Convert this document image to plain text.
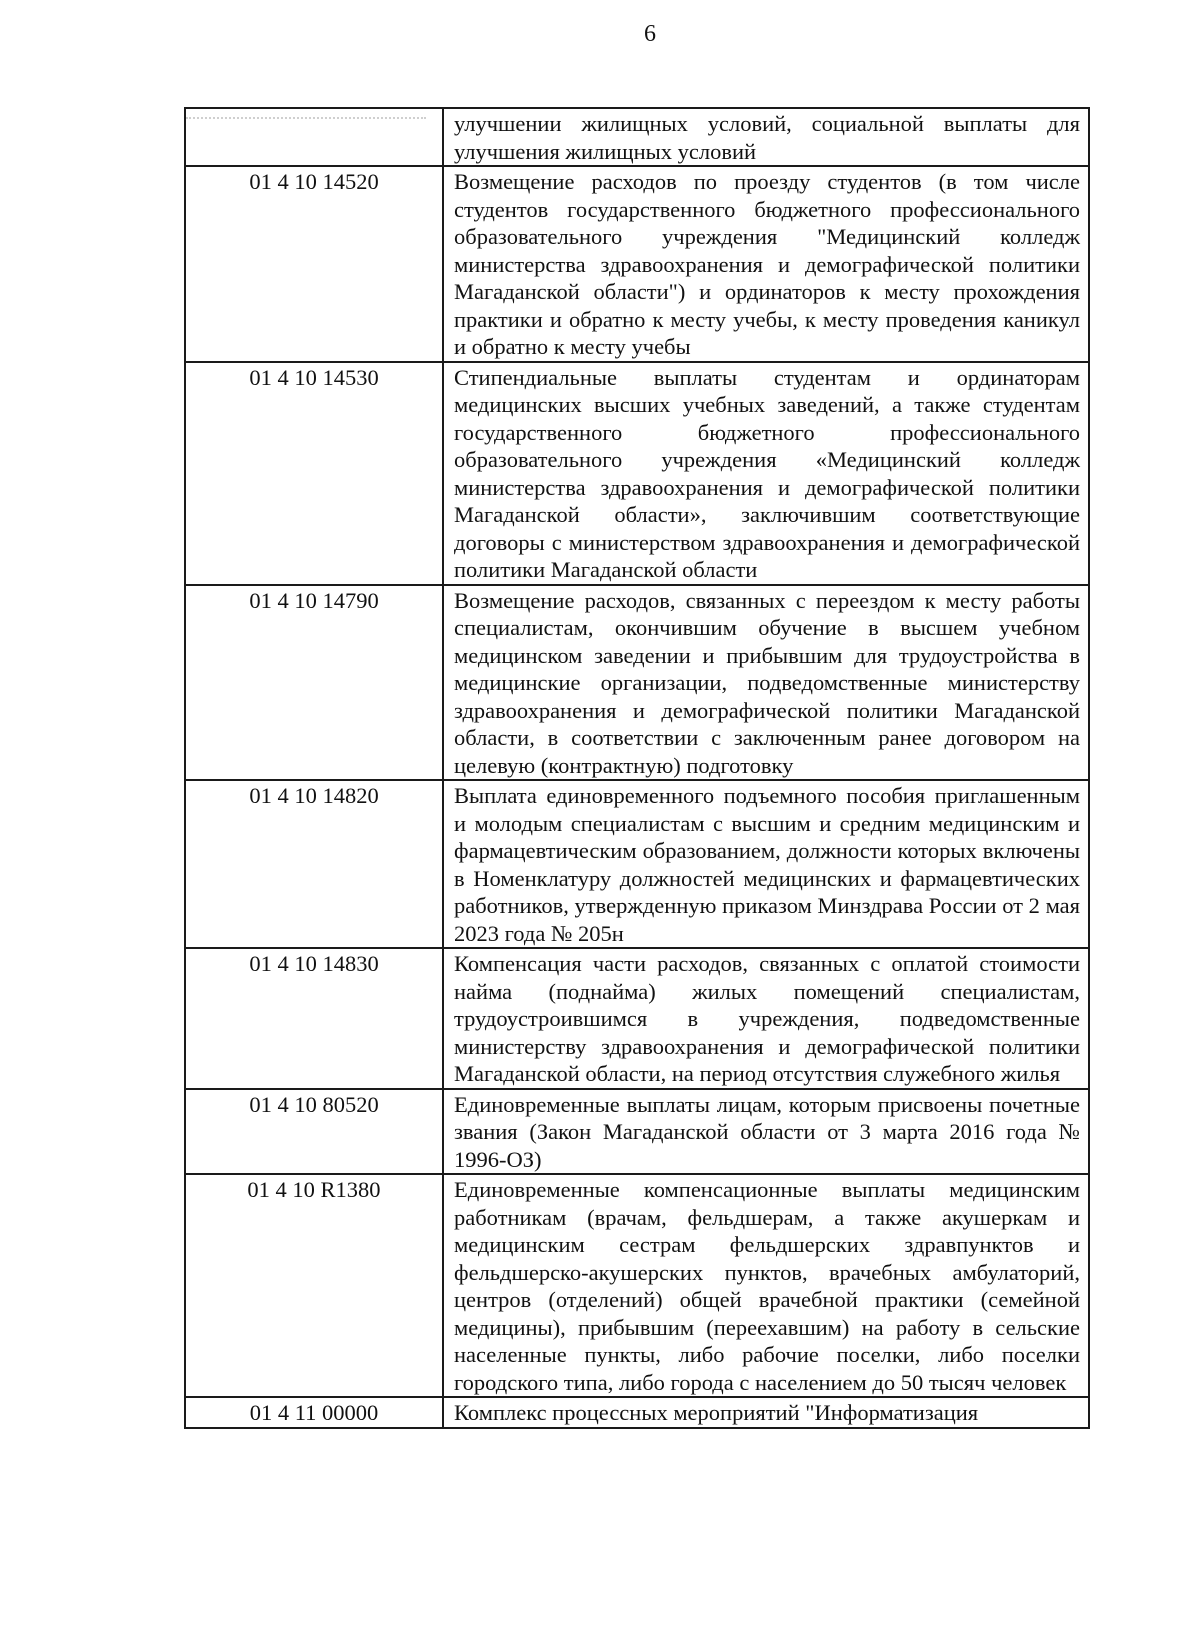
6
	улучшении жилищных условий, социальной выплаты для улучшения жилищных условий
01 4 10 14520	Возмещение расходов по проезду студентов (в том числе студентов государственного бюджетного профессионального образовательного учреждения "Медицинский колледж министерства здравоохранения и демографической политики Магаданской области") и ординаторов к месту прохождения практики и обратно к месту учебы, к месту проведения каникул и обратно к месту учебы
01 4 10 14530	Стипендиальные выплаты студентам и ординаторам медицинских высших учебных заведений, а также студентам государственного бюджетного профессионального образовательного учреждения «Медицинский колледж министерства здравоохранения и демографической политики Магаданской области», заключившим соответствующие договоры с министерством здравоохранения и демографической политики Магаданской области
01 4 10 14790	Возмещение расходов, связанных с переездом к месту работы специалистам, окончившим обучение в высшем учебном медицинском заведении и прибывшим для трудоустройства в медицинские организации, подведомственные министерству здравоохранения и демографической политики Магаданской области, в соответствии с заключенным ранее договором на целевую (контрактную) подготовку
01 4 10 14820	Выплата единовременного подъемного пособия приглашенным и молодым специалистам с высшим и средним медицинским и фармацевтическим образованием, должности которых включены в Номенклатуру должностей медицинских и фармацевтических работников, утвержденную приказом Минздрава России от 2 мая 2023 года № 205н
01 4 10 14830	Компенсация части расходов, связанных с оплатой стоимости найма (поднайма) жилых помещений специалистам, трудоустроившимся в учреждения, подведомственные министерству здравоохранения и демографической политики Магаданской области, на период отсутствия служебного жилья
01 4 10 80520	Единовременные выплаты лицам, которым присвоены почетные звания (Закон Магаданской области от 3 марта 2016 года № 1996-ОЗ)
01 4 10 R1380	Единовременные компенсационные выплаты медицинским работникам (врачам, фельдшерам, а также акушеркам и медицинским сестрам фельдшерских здравпунктов и фельдшерско-акушерских пунктов, врачебных амбулаторий, центров (отделений) общей врачебной практики (семейной медицины), прибывшим (переехавшим) на работу в сельские населенные пункты, либо рабочие поселки, либо поселки городского типа, либо города с населением до 50 тысяч человек
01 4 11 00000	Комплекс процессных мероприятий "Информатизация
